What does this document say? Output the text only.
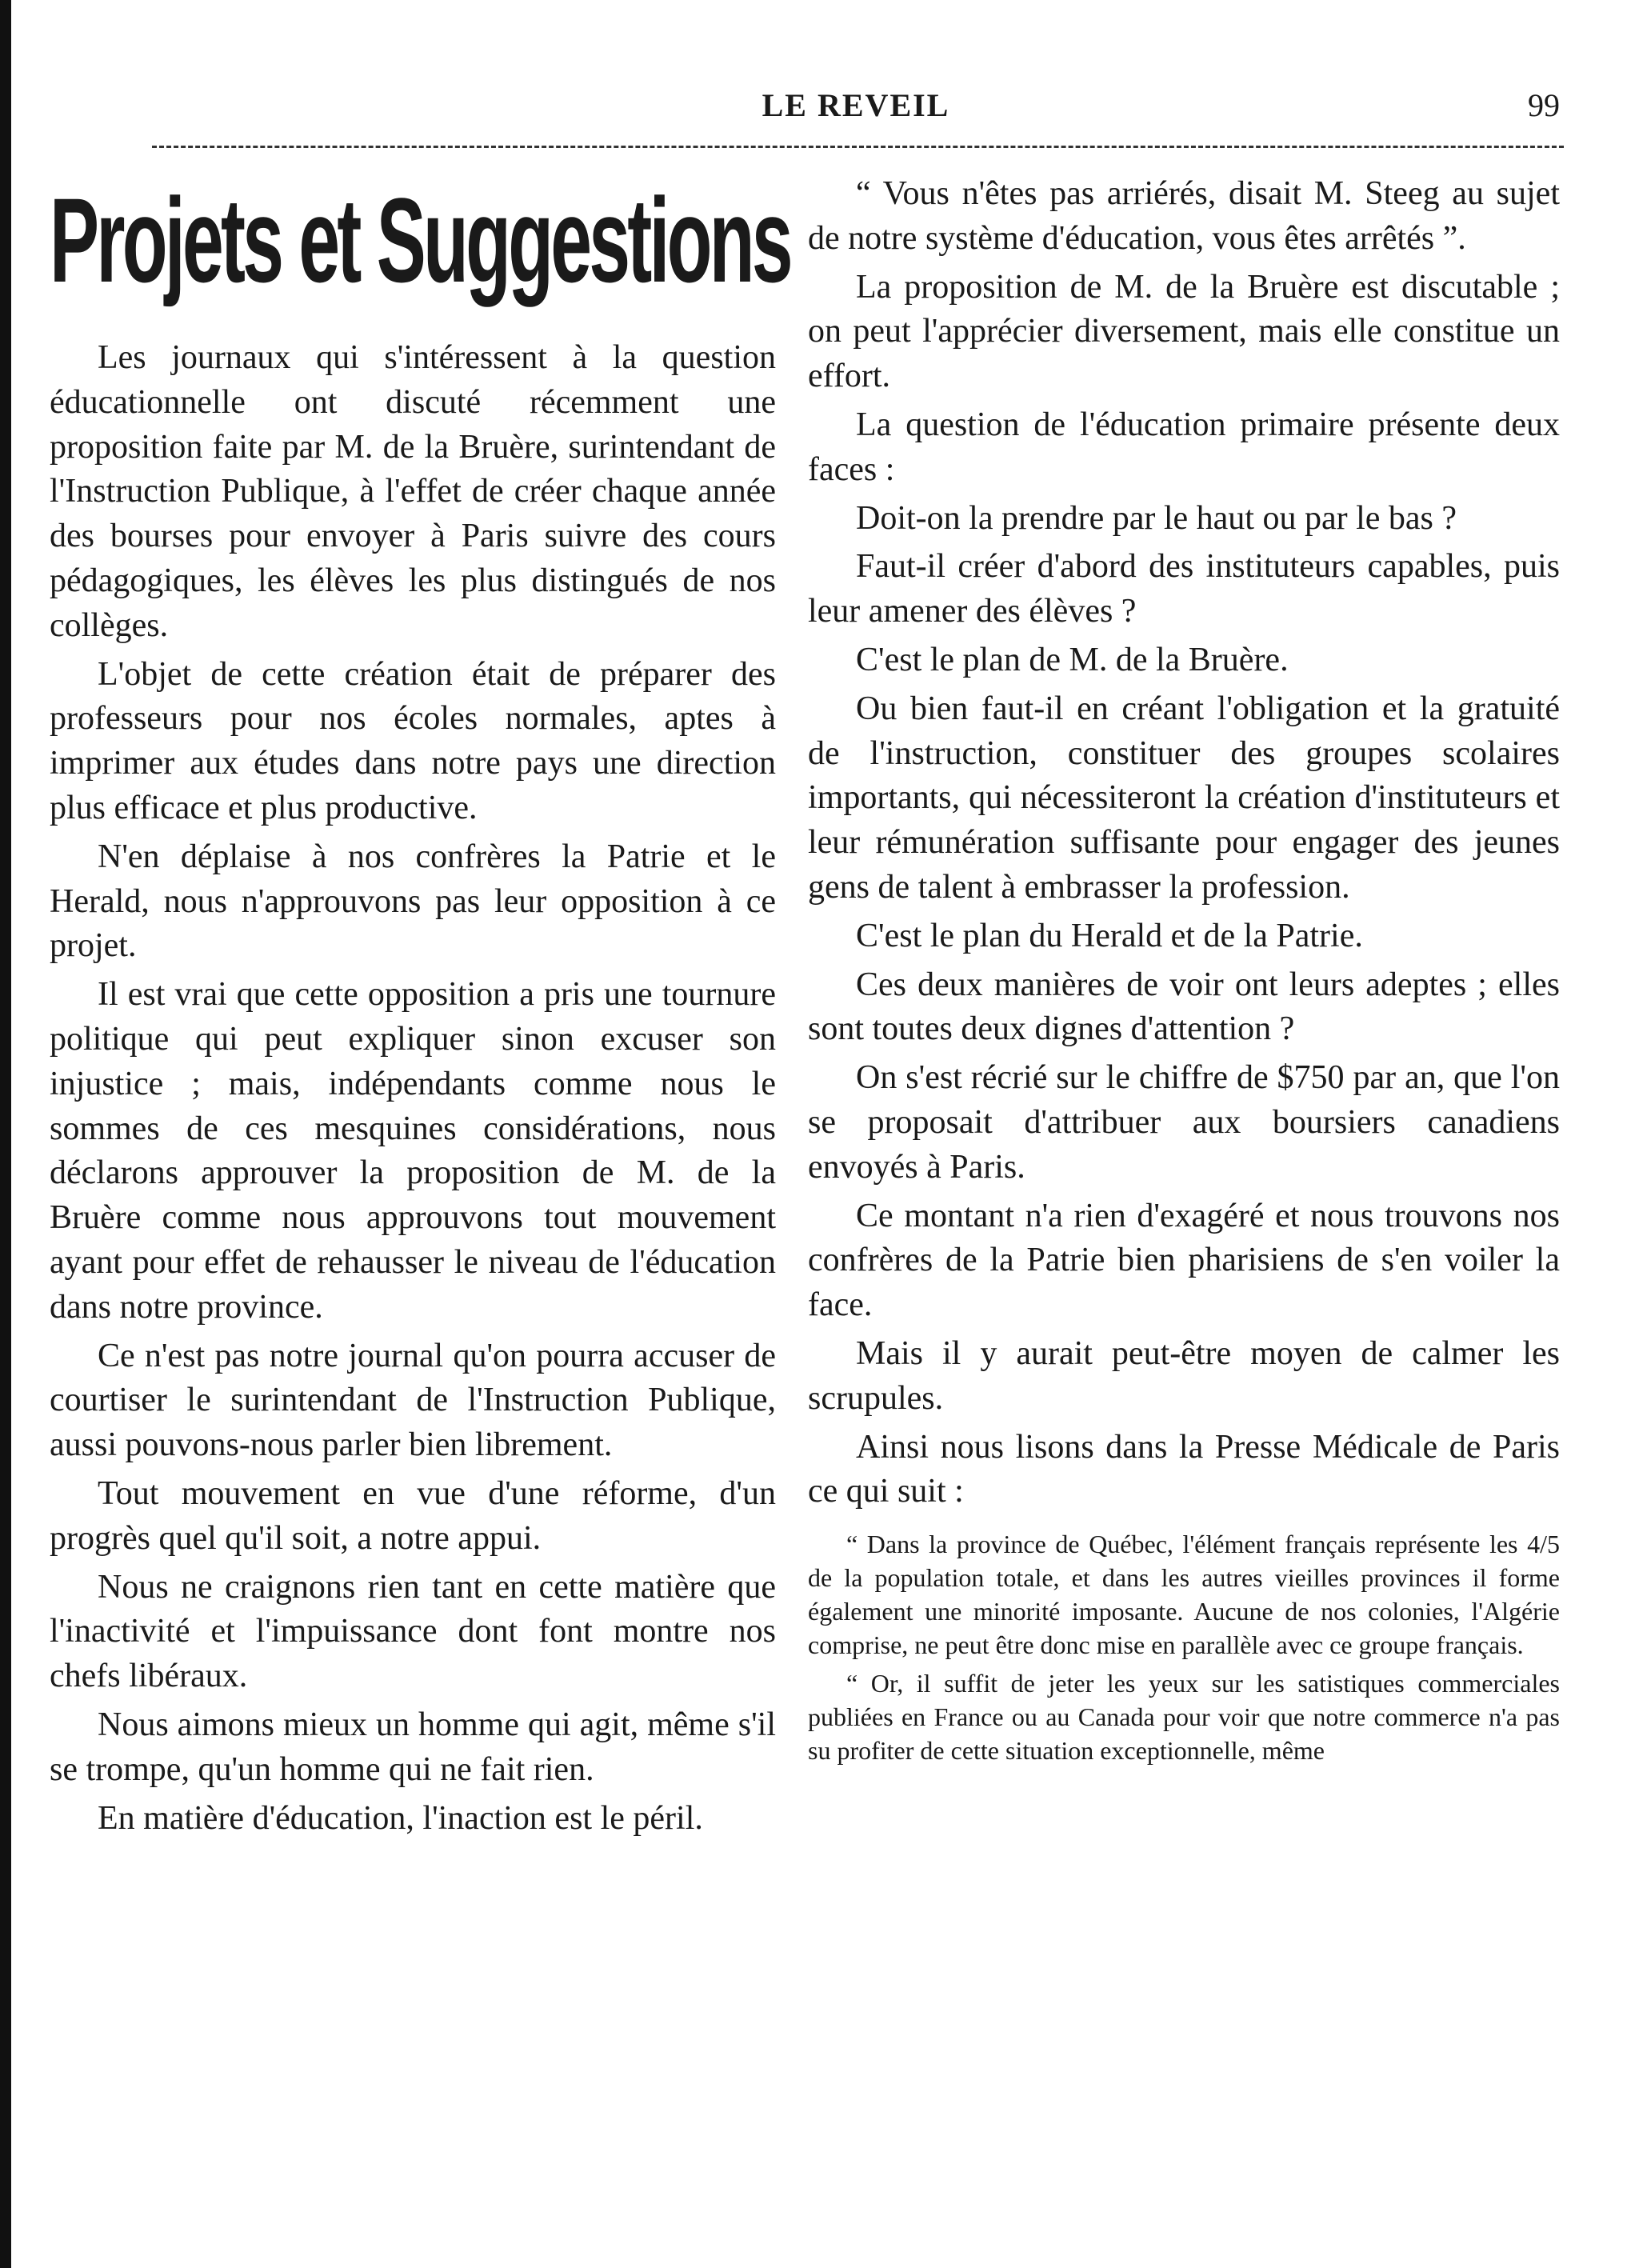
LE REVEIL	99
Projets et Suggestions

Les journaux qui s'intéressent à la question éducationnelle ont discuté récemment une proposition faite par M. de la Bruère, surintendant de l'Instruction Publique, à l'effet de créer chaque année des bourses pour envoyer à Paris suivre des cours pédagogiques, les élèves les plus distingués de nos collèges.

L'objet de cette création était de préparer des professeurs pour nos écoles normales, aptes à imprimer aux études dans notre pays une direction plus efficace et plus productive.

N'en déplaise à nos confrères la Patrie et le Herald, nous n'approuvons pas leur opposition à ce projet.

Il est vrai que cette opposition a pris une tournure politique qui peut expliquer sinon excuser son injustice ; mais, indépendants comme nous le sommes de ces mesquines considérations, nous déclarons approuver la proposition de M. de la Bruère comme nous approuvons tout mouvement ayant pour effet de rehausser le niveau de l'éducation dans notre province.

Ce n'est pas notre journal qu'on pourra accuser de courtiser le surintendant de l'Instruction Publique, aussi pouvons-nous parler bien librement.

Tout mouvement en vue d'une réforme, d'un progrès quel qu'il soit, a notre appui.

Nous ne craignons rien tant en cette matière que l'inactivité et l'impuissance dont font montre nos chefs libéraux.

Nous aimons mieux un homme qui agit, même s'il se trompe, qu'un homme qui ne fait rien.

En matière d'éducation, l'inaction est le péril.

“ Vous n'êtes pas arriérés, disait M. Steeg au sujet de notre système d'éducation, vous êtes arrêtés ”.

La proposition de M. de la Bruère est discutable ; on peut l'apprécier diversement, mais elle constitue un effort.

La question de l'éducation primaire présente deux faces :

Doit-on la prendre par le haut ou par le bas ?

Faut-il créer d'abord des instituteurs capables, puis leur amener des élèves ?

C'est le plan de M. de la Bruère.

Ou bien faut-il en créant l'obligation et la gratuité de l'instruction, constituer des groupes scolaires importants, qui nécessiteront la création d'instituteurs et leur rémunération suffisante pour engager des jeunes gens de talent à embrasser la profession.

C'est le plan du Herald et de la Patrie.

Ces deux manières de voir ont leurs adeptes ; elles sont toutes deux dignes d'attention ?

On s'est récrié sur le chiffre de $750 par an, que l'on se proposait d'attribuer aux boursiers canadiens envoyés à Paris.

Ce montant n'a rien d'exagéré et nous trouvons nos confrères de la Patrie bien pharisiens de s'en voiler la face.

Mais il y aurait peut-être moyen de calmer les scrupules.

Ainsi nous lisons dans la Presse Médicale de Paris ce qui suit :

“ Dans la province de Québec, l'élément français représente les 4/5 de la population totale, et dans les autres vieilles provinces il forme également une minorité imposante. Aucune de nos colonies, l'Algérie comprise, ne peut être donc mise en parallèle avec ce groupe français.

“ Or, il suffit de jeter les yeux sur les satistiques commerciales publiées en France ou au Canada pour voir que notre commerce n'a pas su profiter de cette situation exceptionnelle, même
